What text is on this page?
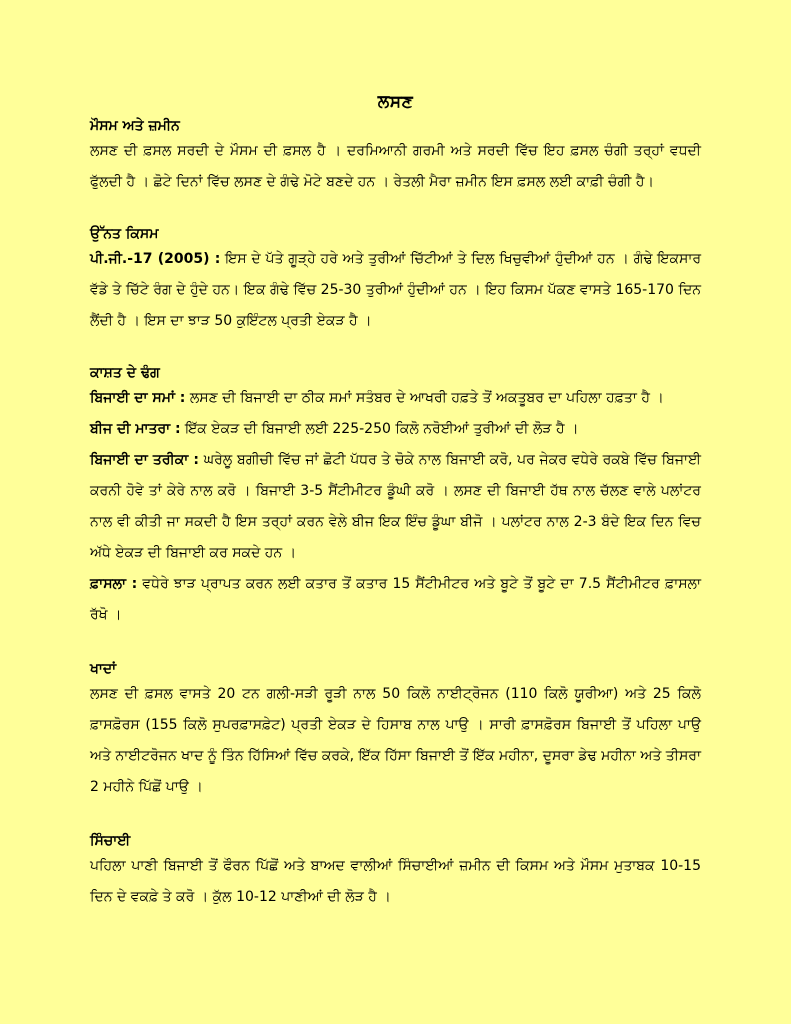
ਲਸਣ
ਮੌਸਮ ਅਤੇ ਜ਼ਮੀਨ

ਲਸਣ ਦੀ ਫ਼ਸਲ ਸਰਦੀ ਦੇ ਮੌਸਮ ਦੀ ਫ਼ਸਲ ਹੈ । ਦਰਮਿਆਨੀ ਗਰਮੀ ਅਤੇ ਸਰਦੀ ਵਿੱਚ ਇਹ ਫ਼ਸਲ ਚੰਗੀ ਤਰ੍ਹਾਂ ਵਧਦੀ ਫੁੱਲਦੀ ਹੈ । ਛੋਟੇ ਦਿਨਾਂ ਵਿੱਚ ਲਸਣ ਦੇ ਗੰਢੇ ਮੋਟੇ ਬਣਦੇ ਹਨ । ਰੇਤਲੀ ਮੈਰਾ ਜ਼ਮੀਨ ਇਸ ਫ਼ਸਲ ਲਈ ਕਾਫ਼ੀ ਚੰਗੀ ਹੈ।

ਉੱਨਤ ਕਿਸਮ

ਪੀ.ਜੀ.-17 (2005) : ਇਸ ਦੇ ਪੱਤੇ ਗੂੜ੍ਹੇ ਹਰੇ ਅਤੇ ਤੁਰੀਆਂ ਚਿੱਟੀਆਂ ਤੇ ਦਿਲ ਖਿਚੁਵੀਆਂ ਹੁੰਦੀਆਂ ਹਨ । ਗੰਢੇ ਇਕਸਾਰ ਵੱਡੇ ਤੇ ਚਿੱਟੇ ਰੰਗ ਦੇ ਹੁੰਦੇ ਹਨ। ਇਕ ਗੰਢੇ ਵਿੱਚ 25-30 ਤੁਰੀਆਂ ਹੁੰਦੀਆਂ ਹਨ । ਇਹ ਕਿਸਮ ਪੱਕਣ ਵਾਸਤੇ 165-170 ਦਿਨ ਲੈਂਦੀ ਹੈ । ਇਸ ਦਾ ਝਾੜ 50 ਕੁਇੰਟਲ ਪ੍ਰਤੀ ਏਕੜ ਹੈ ।

ਕਾਸ਼ਤ ਦੇ ਢੰਗ

ਬਿਜਾਈ ਦਾ ਸਮਾਂ : ਲਸਣ ਦੀ ਬਿਜਾਈ ਦਾ ਠੀਕ ਸਮਾਂ ਸਤੰਬਰ ਦੇ ਆਖਰੀ ਹਫ਼ਤੇ ਤੋਂ ਅਕਤੂਬਰ ਦਾ ਪਹਿਲਾ ਹਫ਼ਤਾ ਹੈ ।

ਬੀਜ ਦੀ ਮਾਤਰਾ : ਇੱਕ ਏਕੜ ਦੀ ਬਿਜਾਈ ਲਈ 225-250 ਕਿਲੋ ਨਰੋਈਆਂ ਤੁਰੀਆਂ ਦੀ ਲੋੜ ਹੈ ।

ਬਿਜਾਈ ਦਾ ਤਰੀਕਾ : ਘਰੇਲੂ ਬਗੀਚੀ ਵਿੱਚ ਜਾਂ ਛੋਟੀ ਪੱਧਰ ਤੇ ਚੋਕੇ ਨਾਲ ਬਿਜਾਈ ਕਰੋ, ਪਰ ਜੇਕਰ ਵਧੇਰੇ ਰਕਬੇ ਵਿੱਚ ਬਿਜਾਈ ਕਰਨੀ ਹੋਵੇ ਤਾਂ ਕੇਰੇ ਨਾਲ ਕਰੋ । ਬਿਜਾਈ 3-5 ਸੈਂਟੀਮੀਟਰ ਡੂੰਘੀ ਕਰੋ । ਲਸਣ ਦੀ ਬਿਜਾਈ ਹੱਥ ਨਾਲ ਚੱਲਣ ਵਾਲੇ ਪਲਾਂਟਰ ਨਾਲ ਵੀ ਕੀਤੀ ਜਾ ਸਕਦੀ ਹੈ ਇਸ ਤਰ੍ਹਾਂ ਕਰਨ ਵੇਲੇ ਬੀਜ ਇਕ ਇੰਚ ਡੂੰਘਾ ਬੀਜੋ । ਪਲਾਂਟਰ ਨਾਲ 2-3 ਬੰਦੇ ਇਕ ਦਿਨ ਵਿਚ ਅੱਧੇ ਏਕੜ ਦੀ ਬਿਜਾਈ ਕਰ ਸਕਦੇ ਹਨ ।

ਫ਼ਾਸਲਾ : ਵਧੇਰੇ ਝਾੜ ਪ੍ਰਾਪਤ ਕਰਨ ਲਈ ਕਤਾਰ ਤੋਂ ਕਤਾਰ 15 ਸੈਂਟੀਮੀਟਰ ਅਤੇ ਬੂਟੇ ਤੋਂ ਬੂਟੇ ਦਾ 7.5 ਸੈਂਟੀਮੀਟਰ ਫ਼ਾਸਲਾ ਰੱਖੋ ।

ਖਾਦਾਂ

ਲਸਣ ਦੀ ਫ਼ਸਲ ਵਾਸਤੇ 20 ਟਨ ਗਲੀ-ਸੜੀ ਰੂੜੀ ਨਾਲ 50 ਕਿਲੋ ਨਾਈਟ੍ਰੋਜਨ (110 ਕਿਲੋ ਯੂਰੀਆ) ਅਤੇ 25 ਕਿਲੋ ਫ਼ਾਸਫ਼ੋਰਸ (155 ਕਿਲੋ ਸੁਪਰਫ਼ਾਸਫ਼ੇਟ) ਪ੍ਰਤੀ ਏਕੜ ਦੇ ਹਿਸਾਬ ਨਾਲ ਪਾਉ । ਸਾਰੀ ਫ਼ਾਸਫ਼ੋਰਸ ਬਿਜਾਈ ਤੋਂ ਪਹਿਲਾ ਪਾਉ ਅਤੇ ਨਾਈਟਰੋਜਨ ਖਾਦ ਨੂੰ ਤਿੰਨ ਹਿੱਸਿਆਂ ਵਿੱਚ ਕਰਕੇ, ਇੱਕ ਹਿੱਸਾ ਬਿਜਾਈ ਤੋਂ ਇੱਕ ਮਹੀਨਾ, ਦੂਸਰਾ ਡੇਢ ਮਹੀਨਾ ਅਤੇ ਤੀਸਰਾ 2 ਮਹੀਨੇ ਪਿੱਛੋਂ ਪਾਉ ।

ਸਿੰਚਾਈ

ਪਹਿਲਾ ਪਾਣੀ ਬਿਜਾਈ ਤੋਂ ਫੌਰਨ ਪਿੱਛੋਂ ਅਤੇ ਬਾਅਦ ਵਾਲੀਆਂ ਸਿੰਚਾਈਆਂ ਜ਼ਮੀਨ ਦੀ ਕਿਸਮ ਅਤੇ ਮੌਸਮ ਮੁਤਾਬਕ 10-15 ਦਿਨ ਦੇ ਵਕਫ਼ੇ ਤੇ ਕਰੋ । ਕੁੱਲ 10-12 ਪਾਣੀਆਂ ਦੀ ਲੋੜ ਹੈ ।
